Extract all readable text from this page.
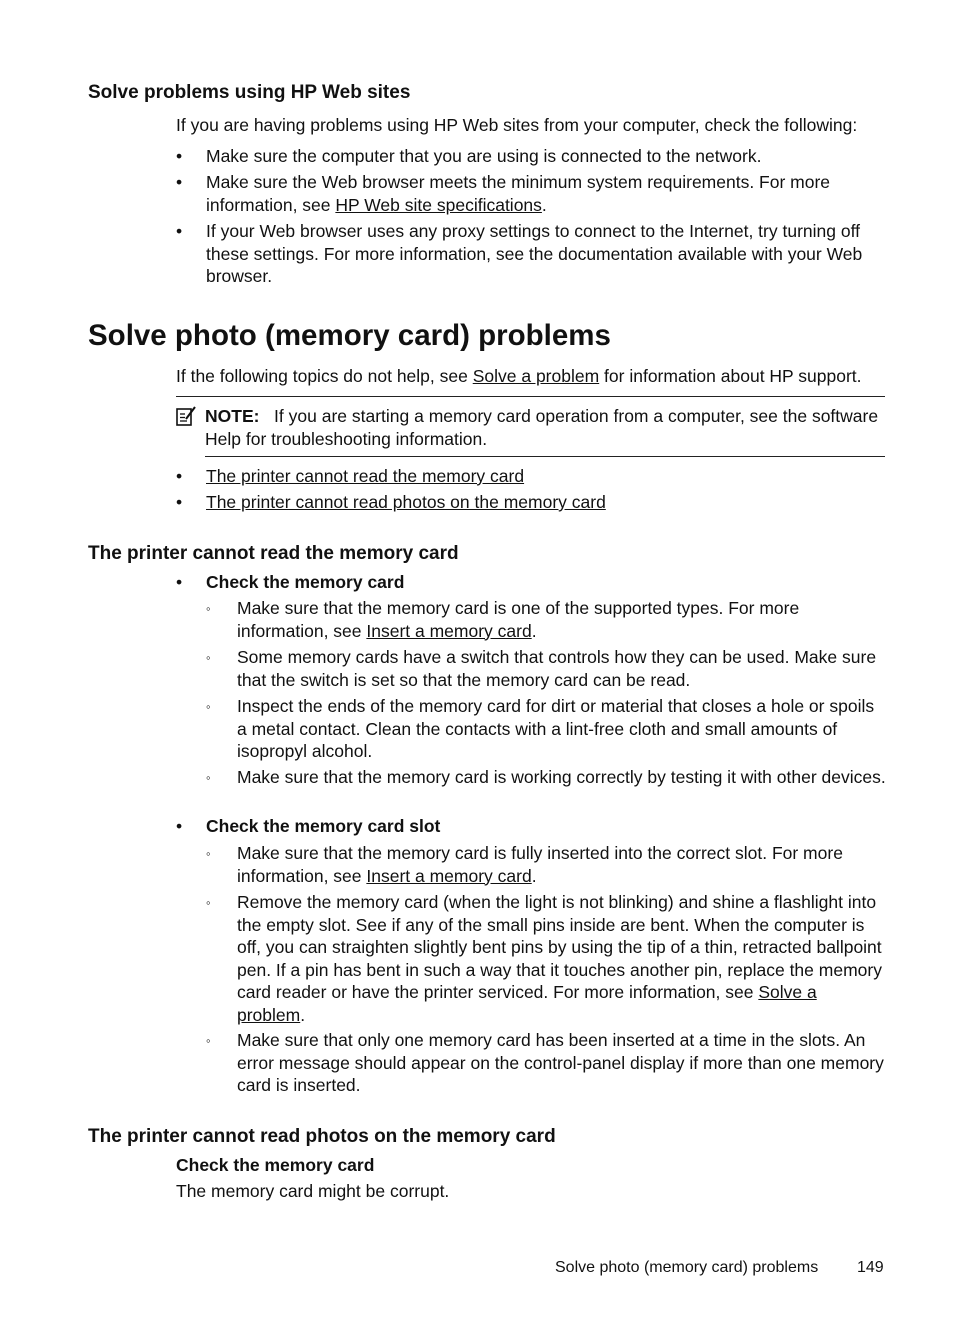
Solve problems using HP Web sites
If you are having problems using HP Web sites from your computer, check the following:
• Make sure the computer that you are using is connected to the network.
• Make sure the Web browser meets the minimum system requirements. For more information, see HP Web site specifications.
• If your Web browser uses any proxy settings to connect to the Internet, try turning off these settings. For more information, see the documentation available with your Web browser.
Solve photo (memory card) problems
If the following topics do not help, see Solve a problem for information about HP support.
NOTE: If you are starting a memory card operation from a computer, see the software Help for troubleshooting information.
• The printer cannot read the memory card
• The printer cannot read photos on the memory card
The printer cannot read the memory card
• Check the memory card
◦ Make sure that the memory card is one of the supported types. For more information, see Insert a memory card.
◦ Some memory cards have a switch that controls how they can be used. Make sure that the switch is set so that the memory card can be read.
◦ Inspect the ends of the memory card for dirt or material that closes a hole or spoils a metal contact. Clean the contacts with a lint-free cloth and small amounts of isopropyl alcohol.
◦ Make sure that the memory card is working correctly by testing it with other devices.
• Check the memory card slot
◦ Make sure that the memory card is fully inserted into the correct slot. For more information, see Insert a memory card.
◦ Remove the memory card (when the light is not blinking) and shine a flashlight into the empty slot. See if any of the small pins inside are bent. When the computer is off, you can straighten slightly bent pins by using the tip of a thin, retracted ballpoint pen. If a pin has bent in such a way that it touches another pin, replace the memory card reader or have the printer serviced. For more information, see Solve a problem.
◦ Make sure that only one memory card has been inserted at a time in the slots. An error message should appear on the control-panel display if more than one memory card is inserted.
The printer cannot read photos on the memory card
Check the memory card
The memory card might be corrupt.
Solve photo (memory card) problems 149
